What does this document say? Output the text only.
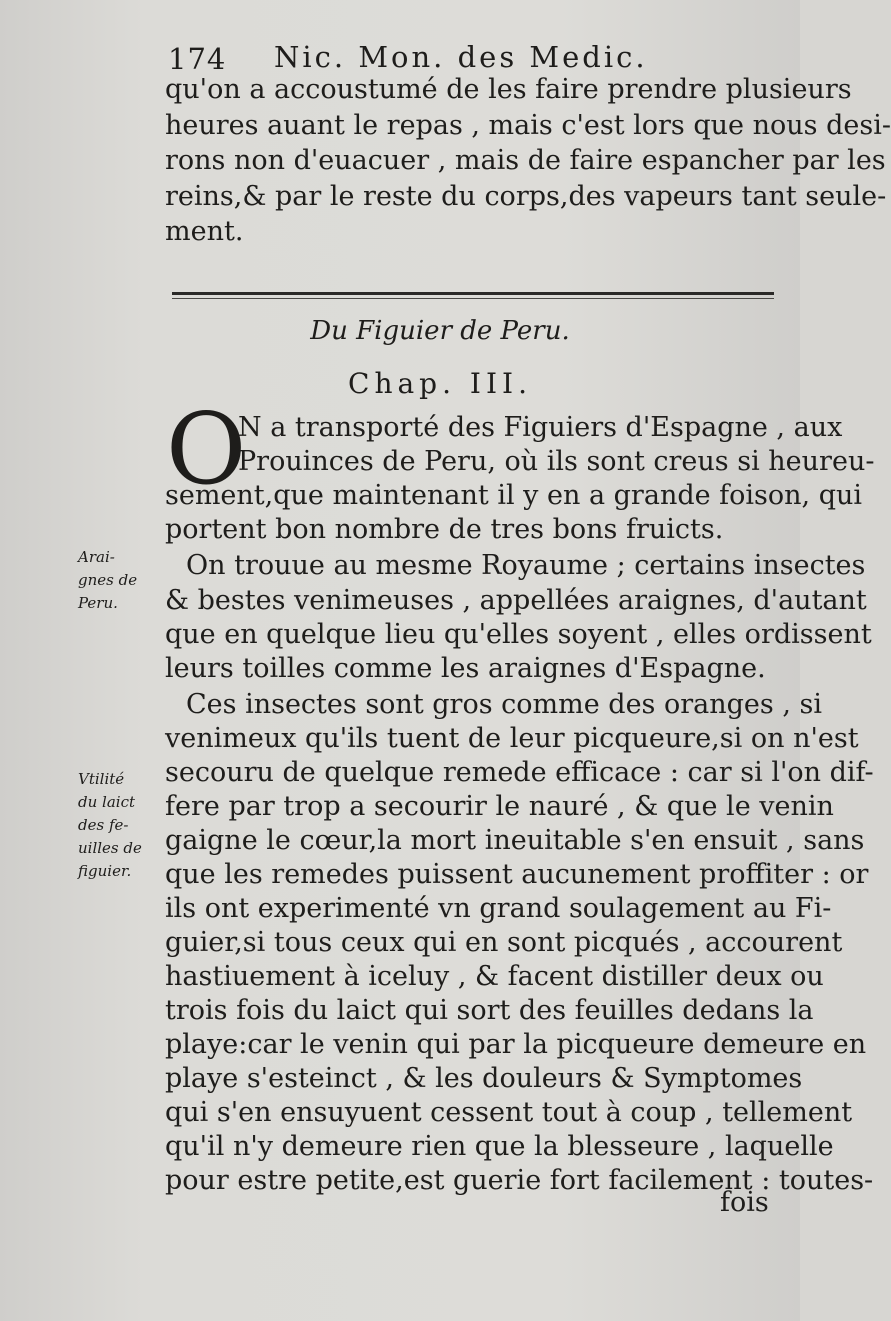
174 Nic. Mon. des Medic.
qu'on a accoustumé de les faire prendre plusieurs
heures auant le repas , mais c'est lors que nous desi-
rons non d'euacuer , mais de faire espancher par les
reins,& par le reste du corps,des vapeurs tant seule-
ment.
Du Figuier de Peru.
Chap. III.
O
N a transporté des Figuiers d'Espagne , aux
Prouinces de Peru, où ils sont creus si heureu-
sement,que maintenant il y en a grande foison, qui
portent bon nombre de tres bons fruicts.
On trouue au mesme Royaume ; certains insectes
& bestes venimeuses , appellées araignes, d'autant
que en quelque lieu qu'elles soyent , elles ordissent
leurs toilles comme les araignes d'Espagne.
Ces insectes sont gros comme des oranges , si
venimeux qu'ils tuent de leur picqueure,si on n'est
secouru de quelque remede efficace : car si l'on dif-
fere par trop a secourir le nauré , & que le venin
gaigne le cœur,la mort ineuitable s'en ensuit , sans
que les remedes puissent aucunement proffiter : or
ils ont experimenté vn grand soulagement au Fi-
guier,si tous ceux qui en sont picqués , accourent
hastiuement à iceluy , & facent distiller deux ou
trois fois du laict qui sort des feuilles dedans la
playe:car le venin qui par la picqueure demeure en
playe s'esteinct , & les douleurs & Symptomes
qui s'en ensuyuent cessent tout à coup , tellement
qu'il n'y demeure rien que la blesseure , laquelle
pour estre petite,est guerie fort facilement : toutes-
fois
Arai-
gnes de
Peru.
Vtilité
du laict
des fe-
uilles de
figuier.
